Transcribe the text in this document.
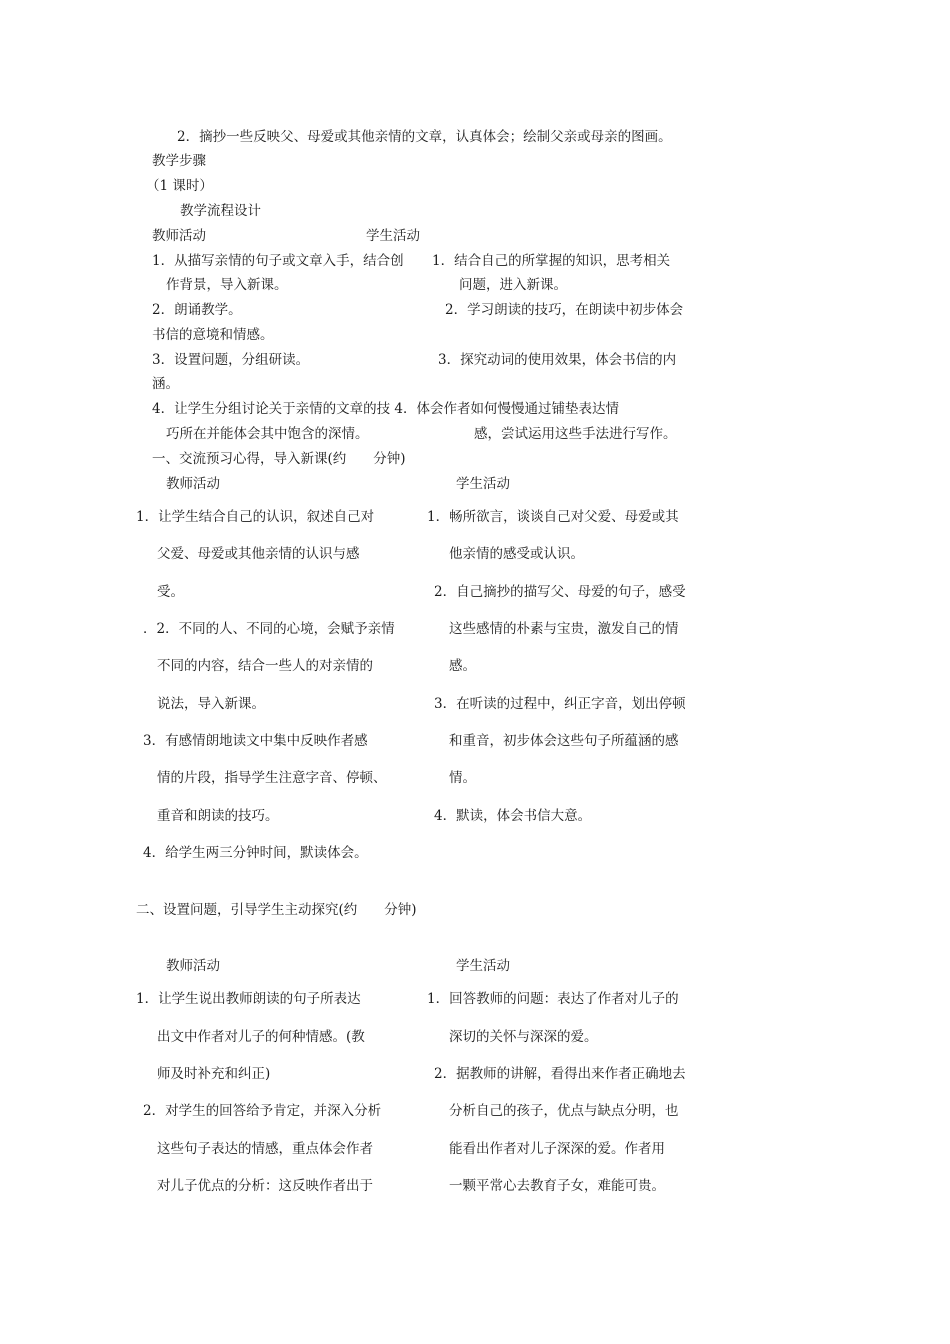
2．摘抄一些反映父、母爱或其他亲情的文章，认真体会；绘制父亲或母亲的图画。
教学步骤
（1 课时）
教学流程设计
教师活动	学生活动
1．从描写亲情的句子或文章入手，结合创 1．结合自己的所掌握的知识，思考相关
作背景，导入新课。	问题，进入新课。
2．朗诵教学。	2．学习朗读的技巧，在朗读中初步体会
书信的意境和情感。
3．设置问题，分组研读。	3．探究动词的使用效果，体会书信的内
涵。
4．让学生分组讨论关于亲情的文章的技 4．体会作者如何慢慢通过铺垫表达情
巧所在并能体会其中饱含的深情。	感，尝试运用这些手法进行写作。
一、交流预习心得，导入新课(约　　分钟)
教师活动	学生活动
1．让学生结合自己的认识，叙述自己对	1．畅所欲言，谈谈自己对父爱、母爱或其
父爱、母爱或其他亲情的认识与感	他亲情的感受或认识。
受。	2．自己摘抄的描写父、母爱的句子，感受
．2．不同的人、不同的心境，会赋予亲情	这些感情的朴素与宝贵，激发自己的情
不同的内容，结合一些人的对亲情的	感。
说法，导入新课。	3．在听读的过程中，纠正字音，划出停顿
3．有感情朗地读文中集中反映作者感	和重音，初步体会这些句子所蕴涵的感
情的片段，指导学生注意字音、停顿、	情。
重音和朗读的技巧。	4．默读，体会书信大意。
4．给学生两三分钟时间，默读体会。
二、设置问题，引导学生主动探究(约　　分钟)
教师活动	学生活动
1．让学生说出教师朗读的句子所表达	1．回答教师的问题：表达了作者对儿子的
出文中作者对儿子的何种情感。(教	深切的关怀与深深的爱。
师及时补充和纠正)	2．据教师的讲解，看得出来作者正确地去
2．对学生的回答给予肯定，并深入分析	分析自己的孩子，优点与缺点分明，也
这些句子表达的情感，重点体会作者	能看出作者对儿子深深的爱。作者用
对儿子优点的分析：这反映作者出于	一颗平常心去教育子女，难能可贵。
